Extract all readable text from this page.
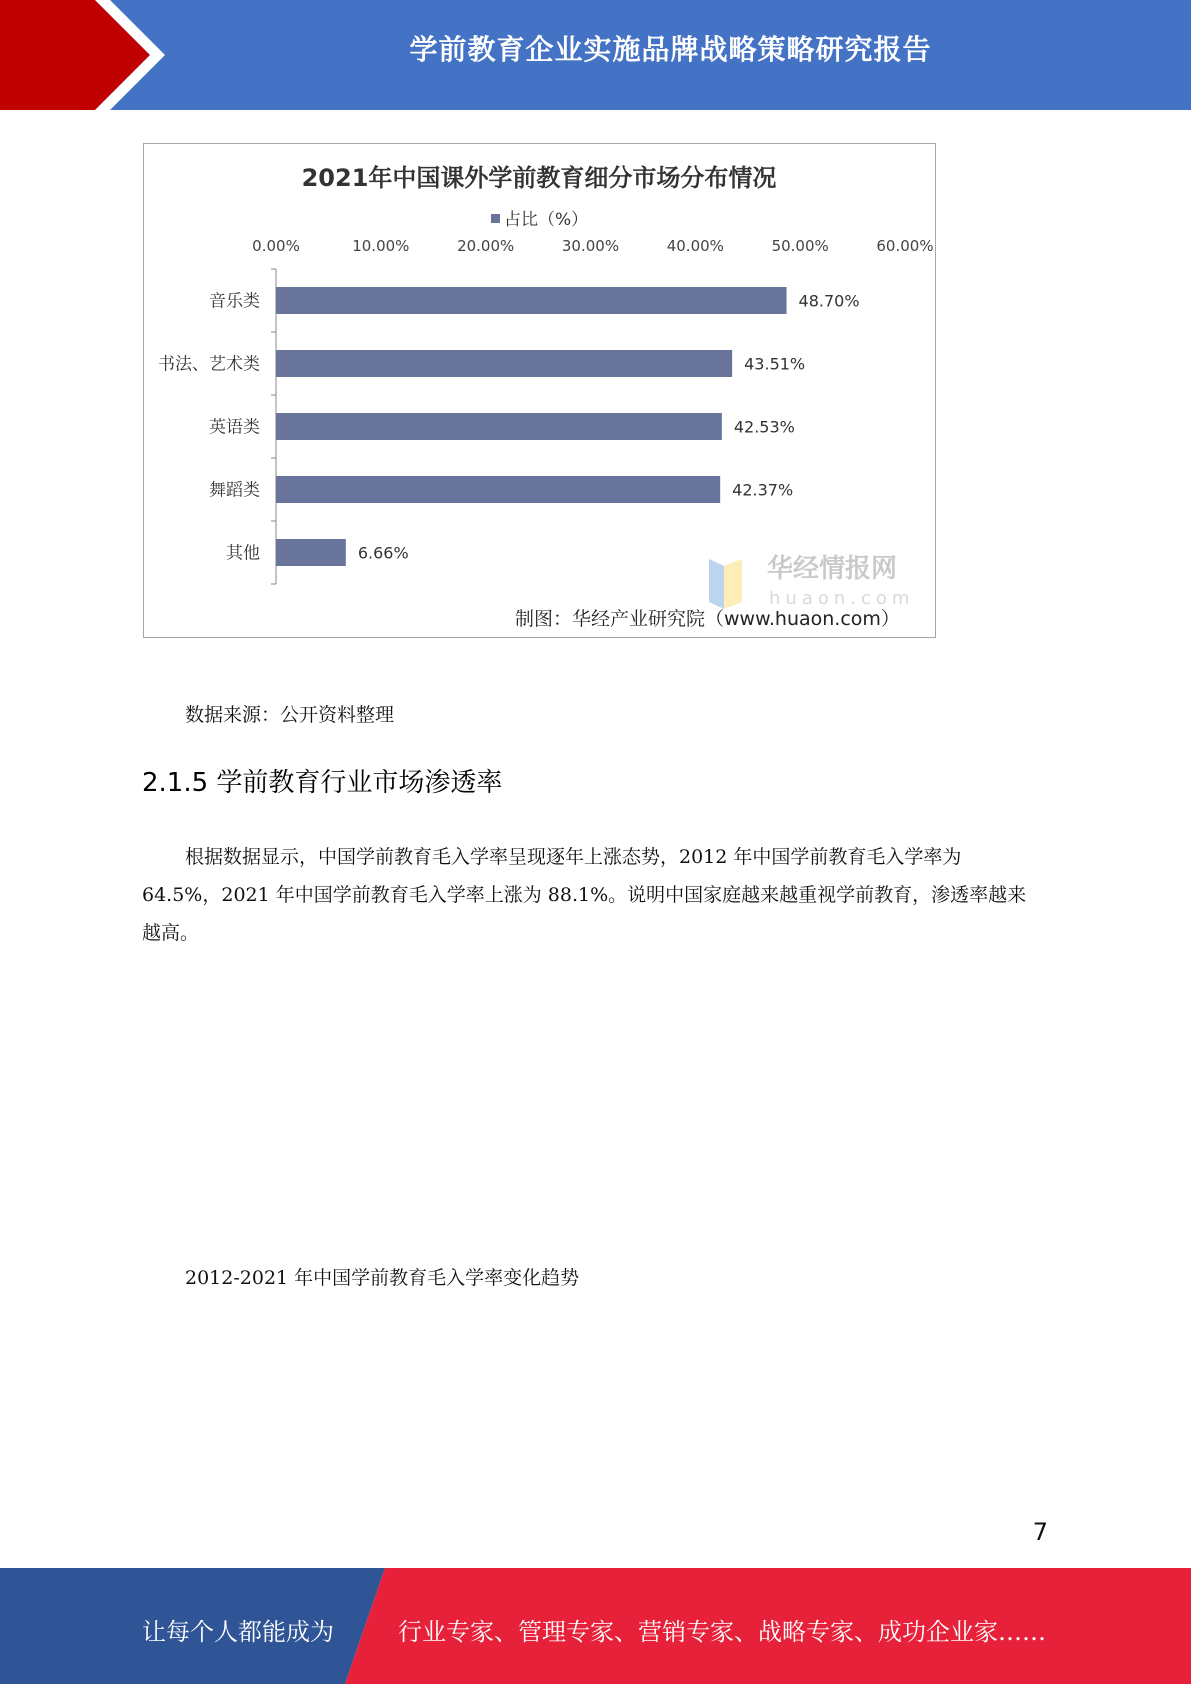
学前教育企业实施品牌战略策略研究报告
2021年中国课外学前教育细分市场分布情况
占比（%）
0.00%	10.00%	20.00%	30.00%	40.00%	50.00%	60.00%
音乐类
书法、艺术类
英语类
舞蹈类
其他
48.70%
43.51%
42.53%
42.37%
6.66%
华经情报网
huaon.com
制图：华经产业研究院（www.huaon.com）
数据来源：公开资料整理
2.1.5 学前教育行业市场渗透率
根据数据显示，中国学前教育毛入学率呈现逐年上涨态势，2012 年中国学前教育毛入学率为 64.5%，2021 年中国学前教育毛入学率上涨为 88.1%。说明中国家庭越来越重视学前教育，渗透率越来越高。
2012-2021 年中国学前教育毛入学率变化趋势
7
让每个人都能成为	行业专家、管理专家、营销专家、战略专家、成功企业家……
